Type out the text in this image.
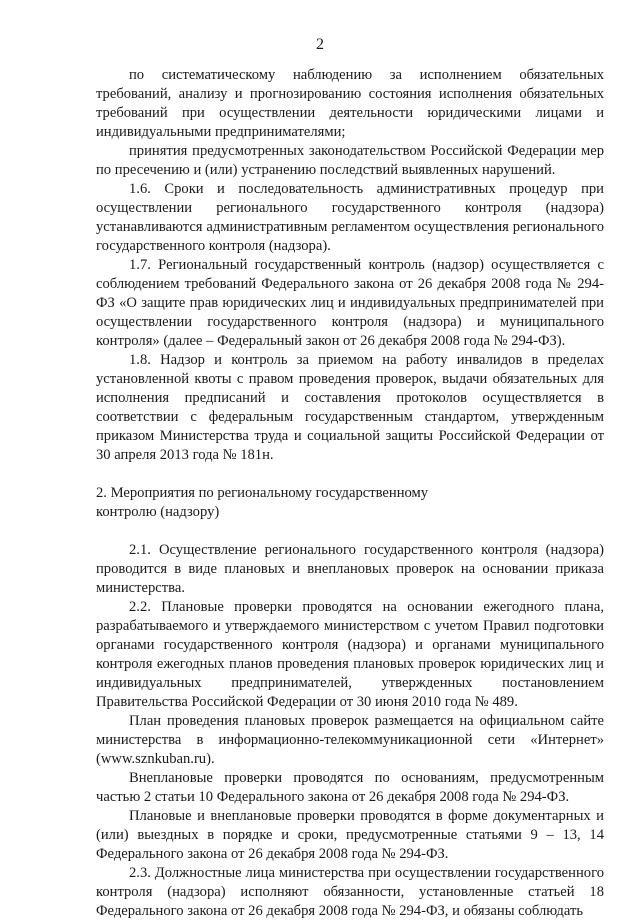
2

по систематическому наблюдению за исполнением обязательных требований, анализу и прогнозированию состояния исполнения обязательных требований при осуществлении деятельности юридическими лицами и индивидуальными предпринимателями;

принятия предусмотренных законодательством Российской Федерации мер по пресечению и (или) устранению последствий выявленных нарушений.

1.6. Сроки и последовательность административных процедур при осуществлении регионального государственного контроля (надзора) устанавливаются административным регламентом осуществления регионального государственного контроля (надзора).

1.7. Региональный государственный контроль (надзор) осуществляется с соблюдением требований Федерального закона от 26 декабря 2008 года № 294-ФЗ «О защите прав юридических лиц и индивидуальных предпринимателей при осуществлении государственного контроля (надзора) и муниципального контроля» (далее – Федеральный закон от 26 декабря 2008 года № 294-ФЗ).

1.8. Надзор и контроль за приемом на работу инвалидов в пределах установленной квоты с правом проведения проверок, выдачи обязательных для исполнения предписаний и составления протоколов осуществляется в соответствии с федеральным государственным стандартом, утвержденным приказом Министерства труда и социальной защиты Российской Федерации от 30 апреля 2013 года № 181н.

2. Мероприятия по региональному государственному
контролю (надзору)

2.1. Осуществление регионального государственного контроля (надзора) проводится в виде плановых и внеплановых проверок на основании приказа министерства.

2.2. Плановые проверки проводятся на основании ежегодного плана, разрабатываемого и утверждаемого министерством с учетом Правил подготовки органами государственного контроля (надзора) и органами муниципального контроля ежегодных планов проведения плановых проверок юридических лиц и индивидуальных предпринимателей, утвержденных постановлением Правительства Российской Федерации от 30 июня 2010 года № 489.

План проведения плановых проверок размещается на официальном сайте министерства в информационно-телекоммуникационной сети «Интернет» (www.sznkuban.ru).

Внеплановые проверки проводятся по основаниям, предусмотренным частью 2 статьи 10 Федерального закона от 26 декабря 2008 года № 294-ФЗ.

Плановые и внеплановые проверки проводятся в форме документарных и (или) выездных в порядке и сроки, предусмотренные статьями 9 – 13, 14 Федерального закона от 26 декабря 2008 года № 294-ФЗ.

2.3. Должностные лица министерства при осуществлении государственного контроля (надзора) исполняют обязанности, установленные статьей 18 Федерального закона от 26 декабря 2008 года № 294-ФЗ, и обязаны соблюдать
